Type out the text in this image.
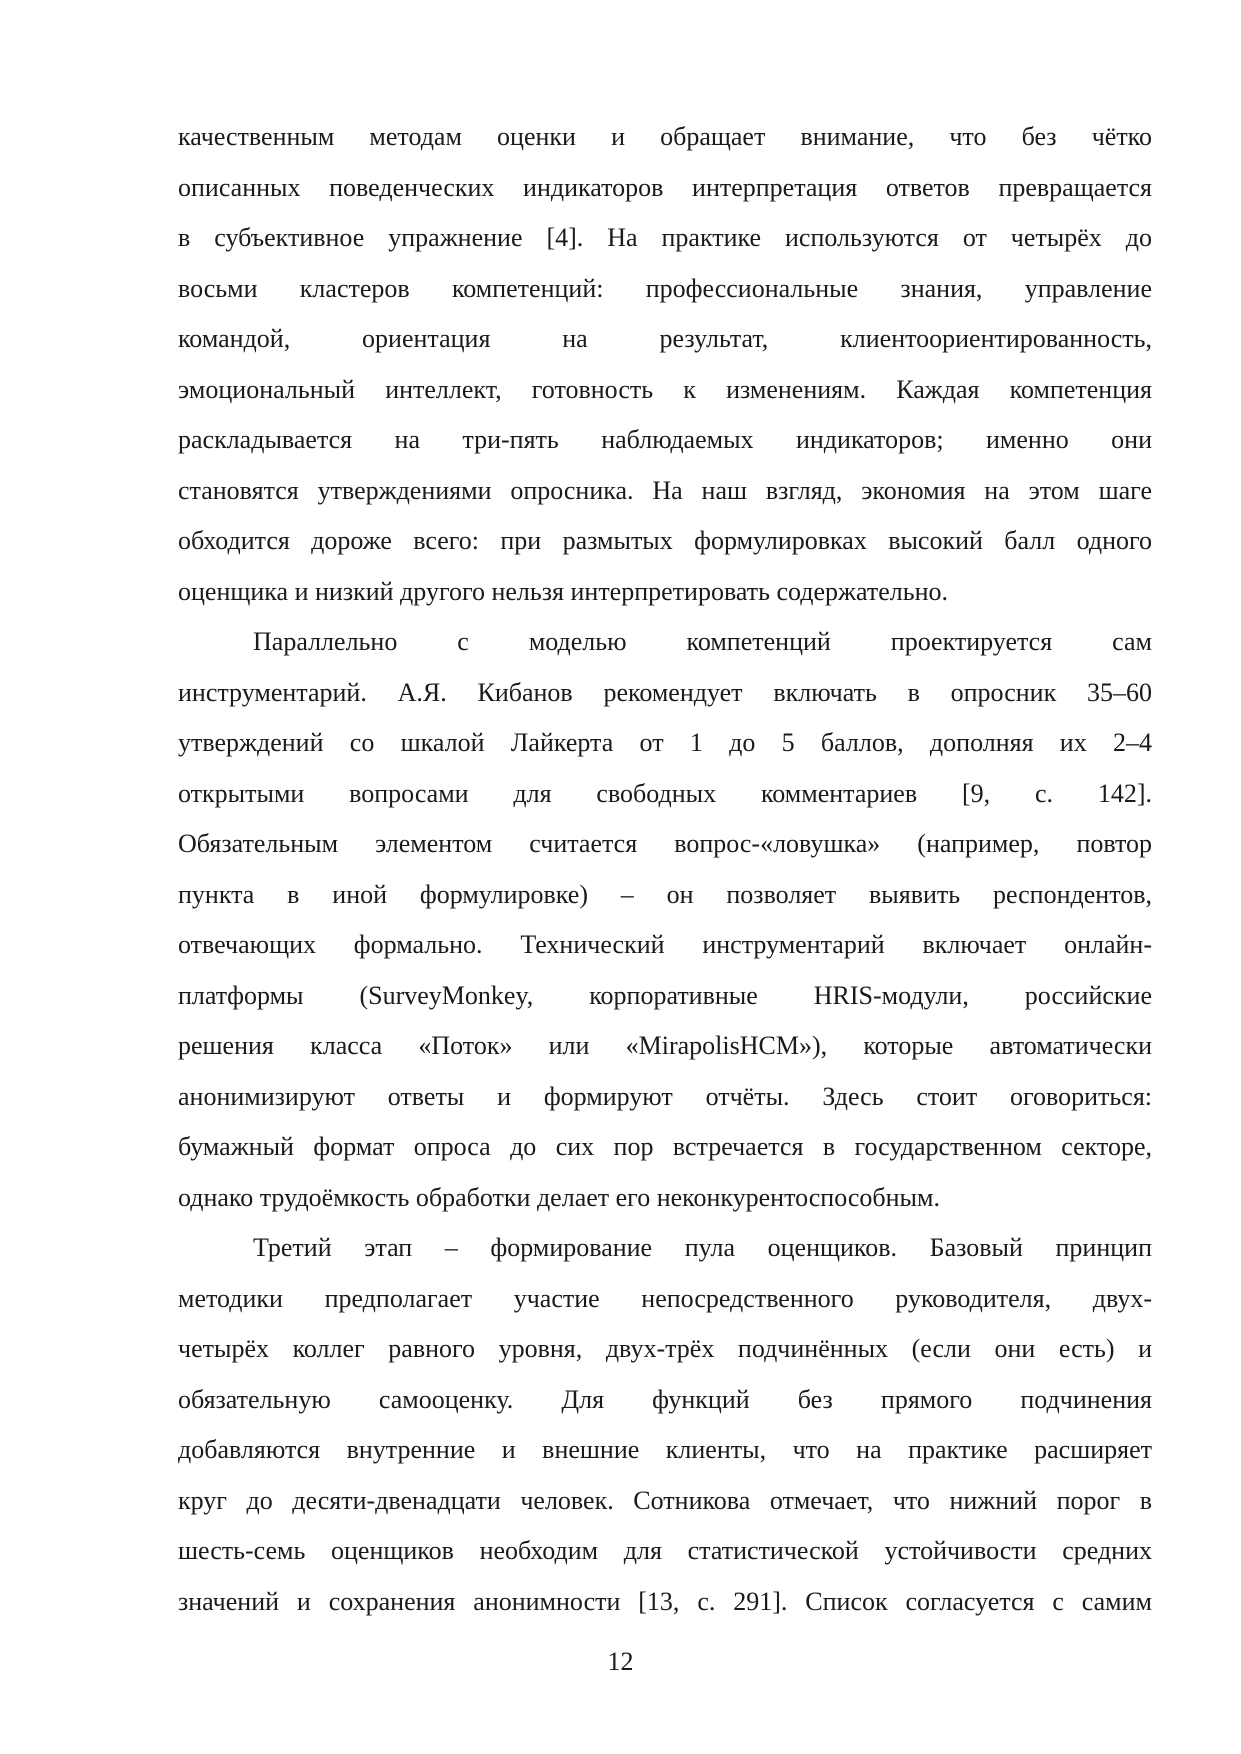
качественным методам оценки и обращает внимание, что без чётко
описанных поведенческих индикаторов интерпретация ответов превращается
в субъективное упражнение [4]. На практике используются от четырёх до
восьми кластеров компетенций: профессиональные знания, управление
командой, ориентация на результат, клиентоориентированность,
эмоциональный интеллект, готовность к изменениям. Каждая компетенция
раскладывается на три-пять наблюдаемых индикаторов; именно они
становятся утверждениями опросника. На наш взгляд, экономия на этом шаге
обходится дороже всего: при размытых формулировках высокий балл одного
оценщика и низкий другого нельзя интерпретировать содержательно.
Параллельно с моделью компетенций проектируется сам
инструментарий. А.Я. Кибанов рекомендует включать в опросник 35–60
утверждений со шкалой Лайкерта от 1 до 5 баллов, дополняя их 2–4
открытыми вопросами для свободных комментариев [9, с. 142].
Обязательным элементом считается вопрос-«ловушка» (например, повтор
пункта в иной формулировке) – он позволяет выявить респондентов,
отвечающих формально. Технический инструментарий включает онлайн-
платформы (SurveyMonkey, корпоративные HRIS-модули, российские
решения класса «Поток» или «MirapolisHCM»), которые автоматически
анонимизируют ответы и формируют отчёты. Здесь стоит оговориться:
бумажный формат опроса до сих пор встречается в государственном секторе,
однако трудоёмкость обработки делает его неконкурентоспособным.
Третий этап – формирование пула оценщиков. Базовый принцип
методики предполагает участие непосредственного руководителя, двух-
четырёх коллег равного уровня, двух-трёх подчинённых (если они есть) и
обязательную самооценку. Для функций без прямого подчинения
добавляются внутренние и внешние клиенты, что на практике расширяет
круг до десяти-двенадцати человек. Сотникова отмечает, что нижний порог в
шесть-семь оценщиков необходим для статистической устойчивости средних
значений и сохранения анонимности [13, с. 291]. Список согласуется с самим
12
